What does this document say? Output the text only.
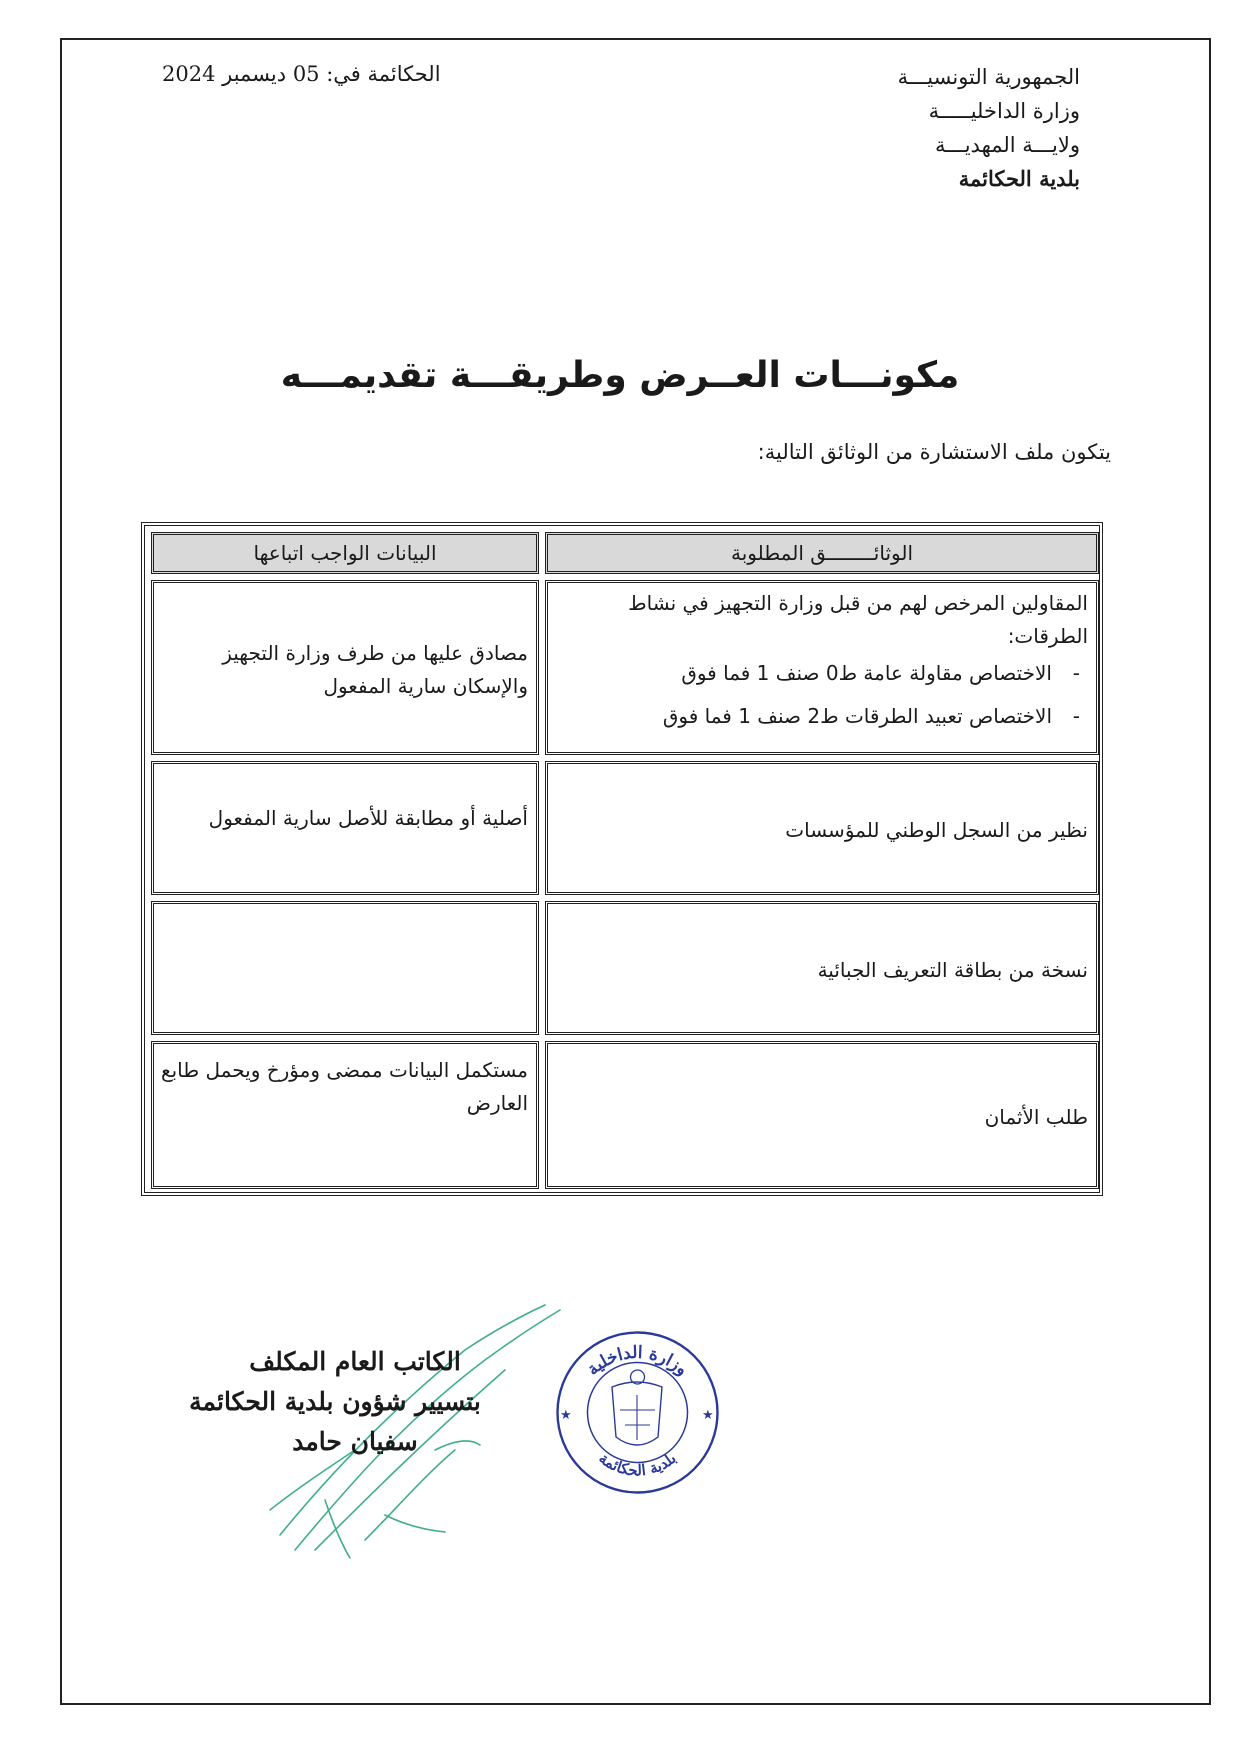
الجمهورية التونسيـــة
وزارة الداخليـــــة
ولايـــة المهديـــة
بلدية الحكائمة
الحكائمة في: 05 ديسمبر 2024
مكونـــات العــرض وطريقـــة تقديمـــه
يتكون ملف الاستشارة من الوثائق التالية:
الوثائــــــــق المطلوبة
البيانات الواجب اتباعها
المقاولين المرخص لهم من قبل وزارة التجهيز في نشاط الطرقات:
- الاختصاص مقاولة عامة ط0 صنف 1 فما فوق
- الاختصاص تعبيد الطرقات ط2 صنف 1 فما فوق
مصادق عليها من طرف وزارة التجهيز والإسكان سارية المفعول
نظير من السجل الوطني للمؤسسات
أصلية أو مطابقة للأصل سارية المفعول
نسخة من بطاقة التعريف الجبائية
طلب الأثمان
مستكمل البيانات ممضى ومؤرخ ويحمل طابع العارض
الكاتب العام المكلف
بتسيير شؤون بلدية الحكائمة
سفيان حامد
وزارة الداخلية
بلدية الحكائمة
★	★
